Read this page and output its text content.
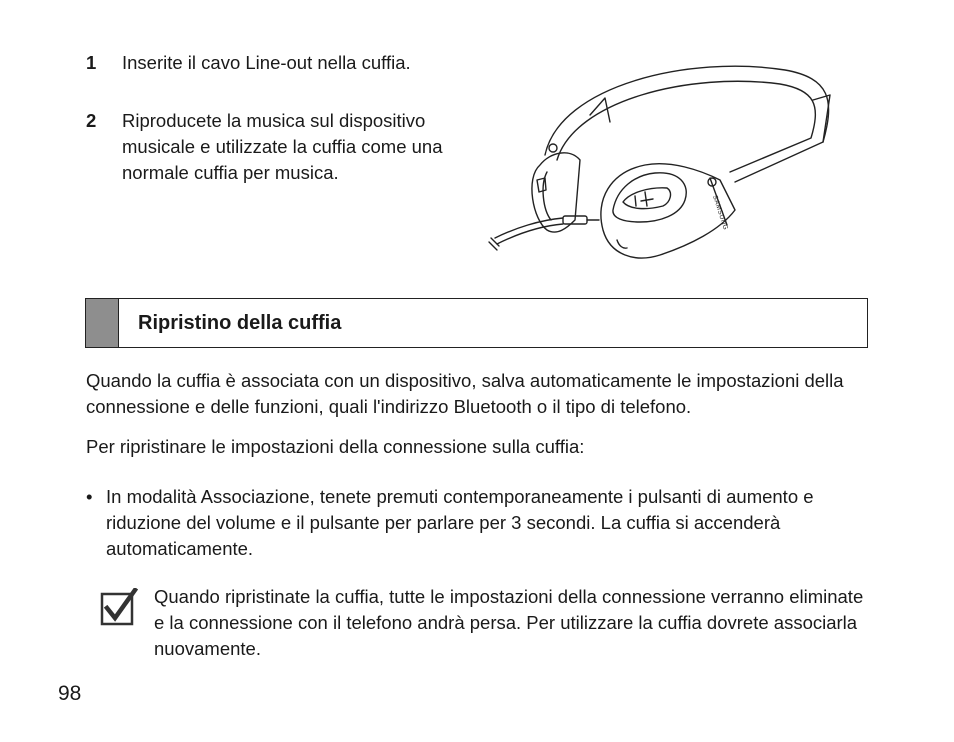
1 Inserite il cavo Line-out nella cuffia.
2 Riproducete la musica sul dispositivo musicale e utilizzate la cuffia come una normale cuffia per musica.
SAMSUNG
Ripristino della cuffia
Quando la cuffia è associata con un dispositivo, salva automaticamente le impostazioni della connessione e delle funzioni, quali l'indirizzo Bluetooth o il tipo di telefono.
Per ripristinare le impostazioni della connessione sulla cuffia:
• In modalità Associazione, tenete premuti contemporaneamente i pulsanti di aumento e riduzione del volume e il pulsante per parlare per 3 secondi. La cuffia si accenderà automaticamente.
Quando ripristinate la cuffia, tutte le impostazioni della connessione verranno eliminate e la connessione con il telefono andrà persa. Per utilizzare la cuffia dovrete associarla nuovamente.
98
